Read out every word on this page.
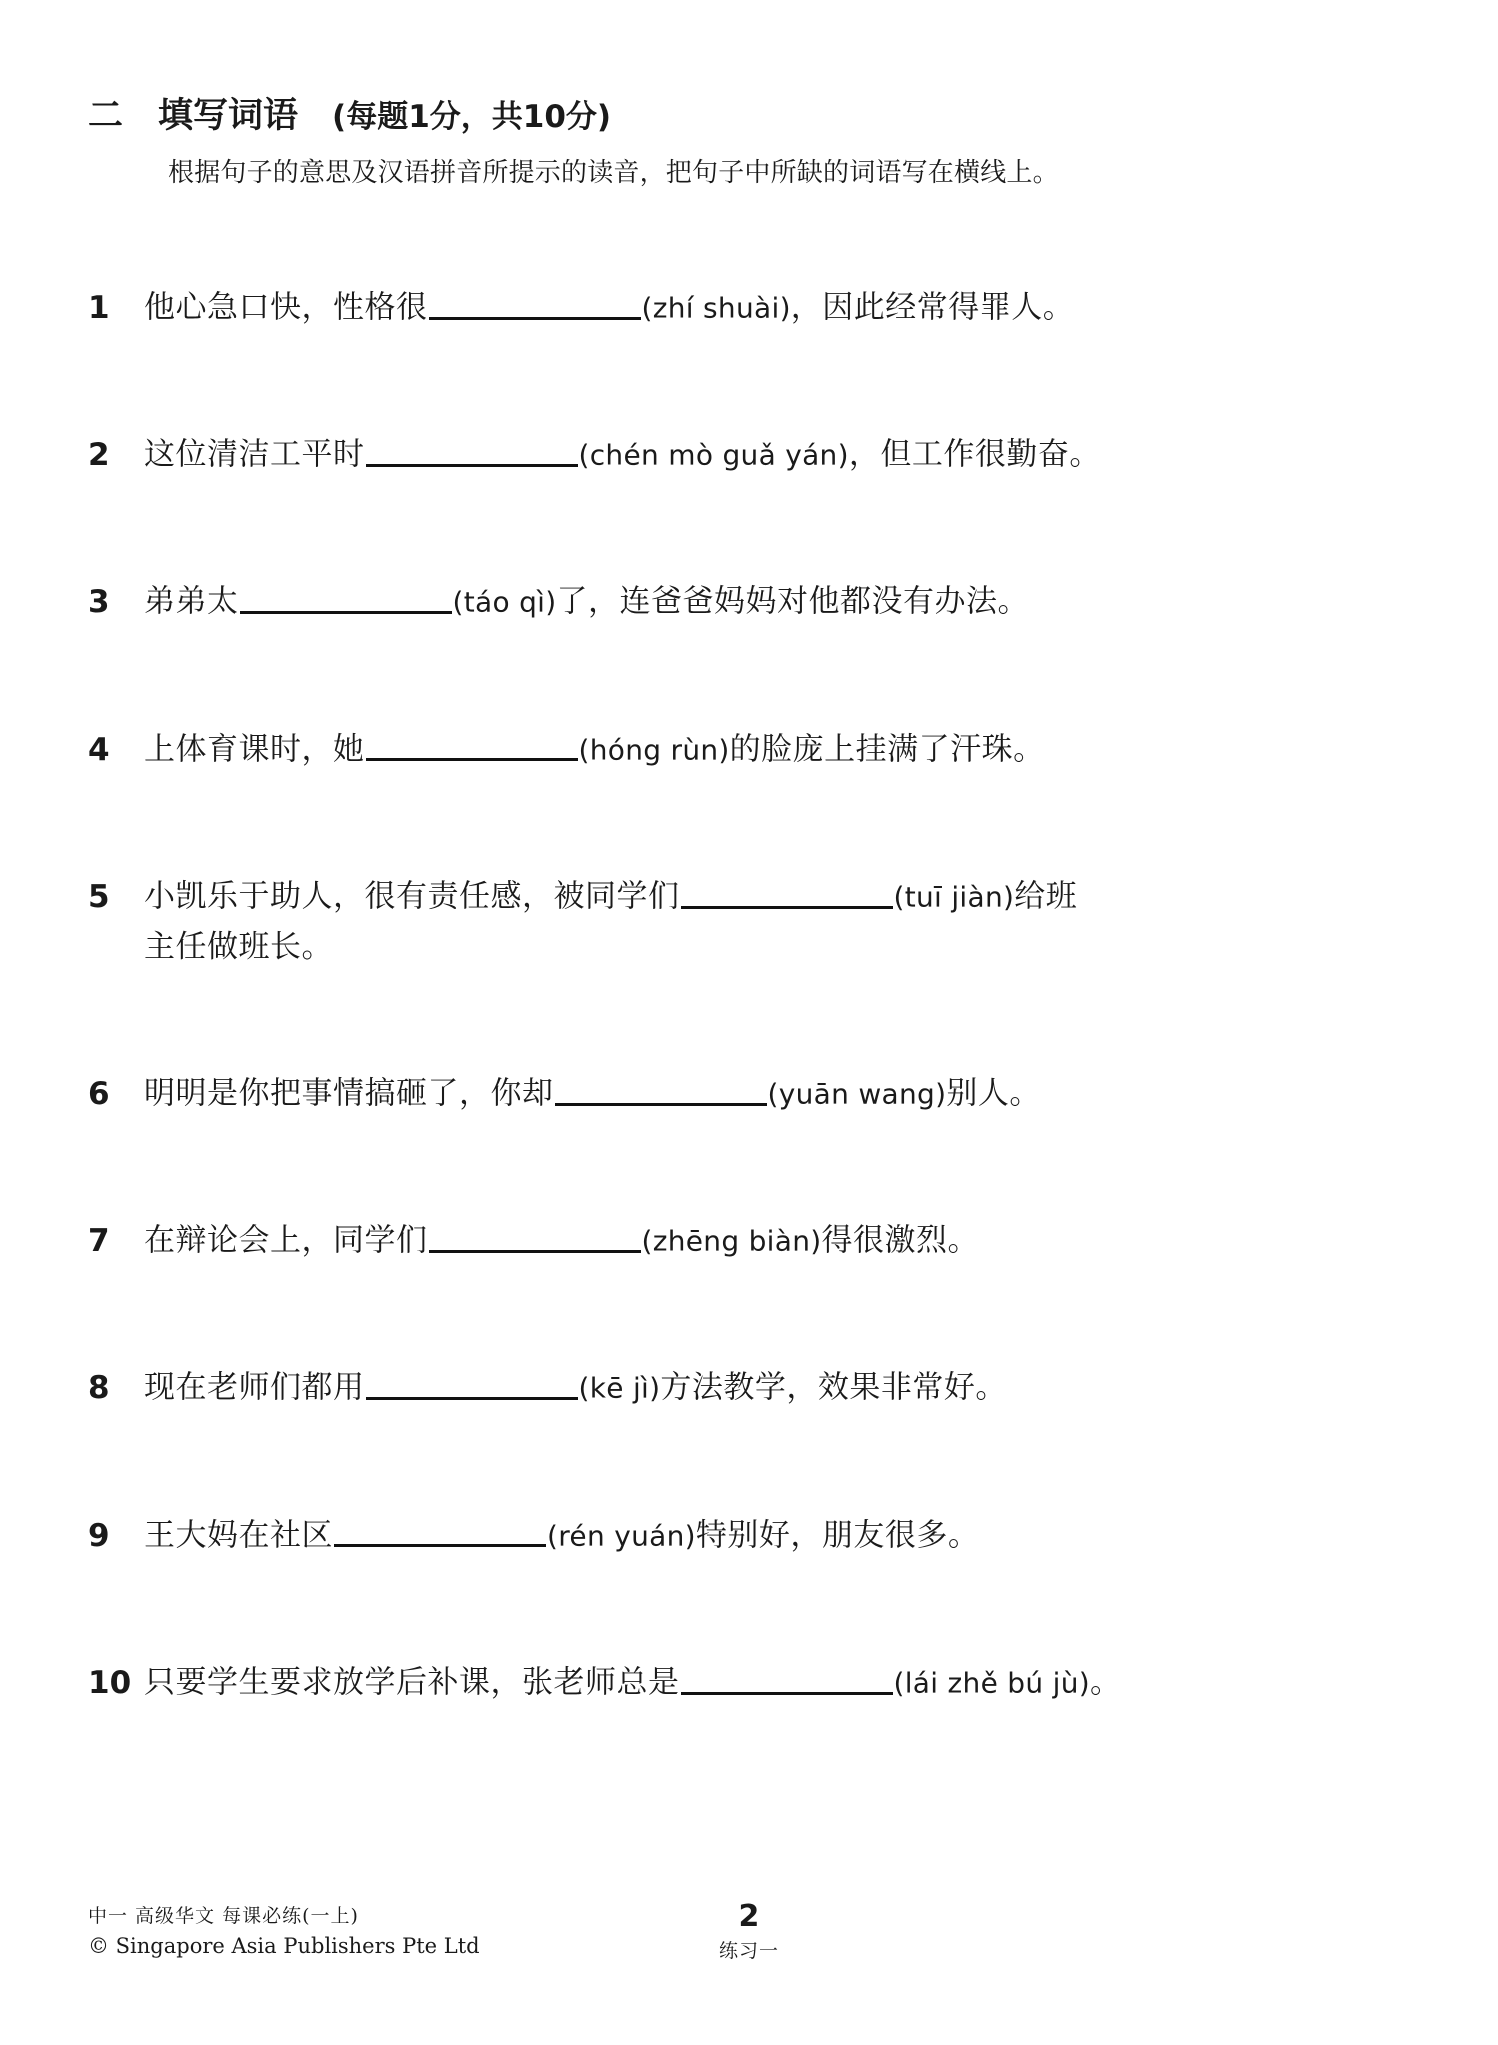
二 填写词语 (每题1分，共10分)
根据句子的意思及汉语拼音所提示的读音，把句子中所缺的词语写在横线上。
1	他心急口快，性格很	(zhí shuài)，因此经常得罪人。
2	这位清洁工平时	(chén mò guǎ yán)，但工作很勤奋。
3	弟弟太	(táo qì)了，连爸爸妈妈对他都没有办法。
4	上体育课时，她	(hóng rùn)的脸庞上挂满了汗珠。
5	小凯乐于助人，很有责任感，被同学们	(tuī jiàn)给班
主任做班长。
6	明明是你把事情搞砸了，你却	(yuān wang)别人。
7	在辩论会上，同学们	(zhēng biàn)得很激烈。
8	现在老师们都用	(kē jì)方法教学，效果非常好。
9	王大妈在社区	(rén yuán)特别好，朋友很多。
10 只要学生要求放学后补课，张老师总是	(lái zhě bú jù)。
中一 高级华文 每课必练(一上)
© Singapore Asia Publishers Pte Ltd
2
练习一
